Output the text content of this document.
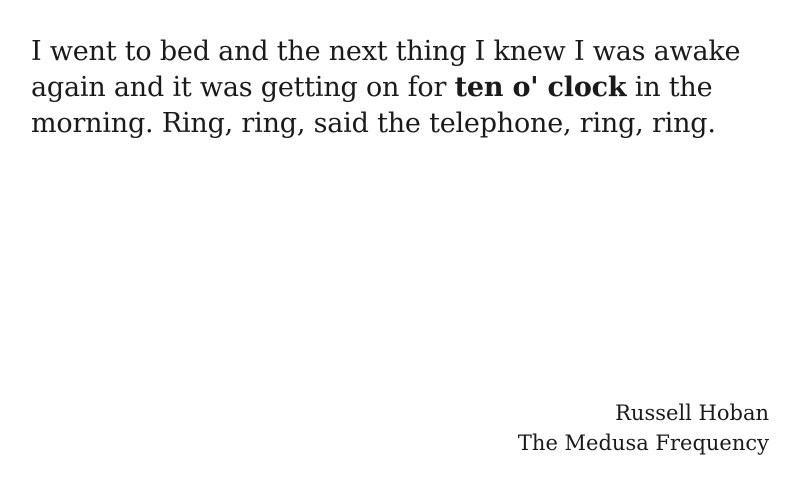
I went to bed and the next thing I knew I was awake again and it was getting on for ten o' clock in the morning. Ring, ring, said the telephone, ring, ring.

Russell Hoban
The Medusa Frequency
